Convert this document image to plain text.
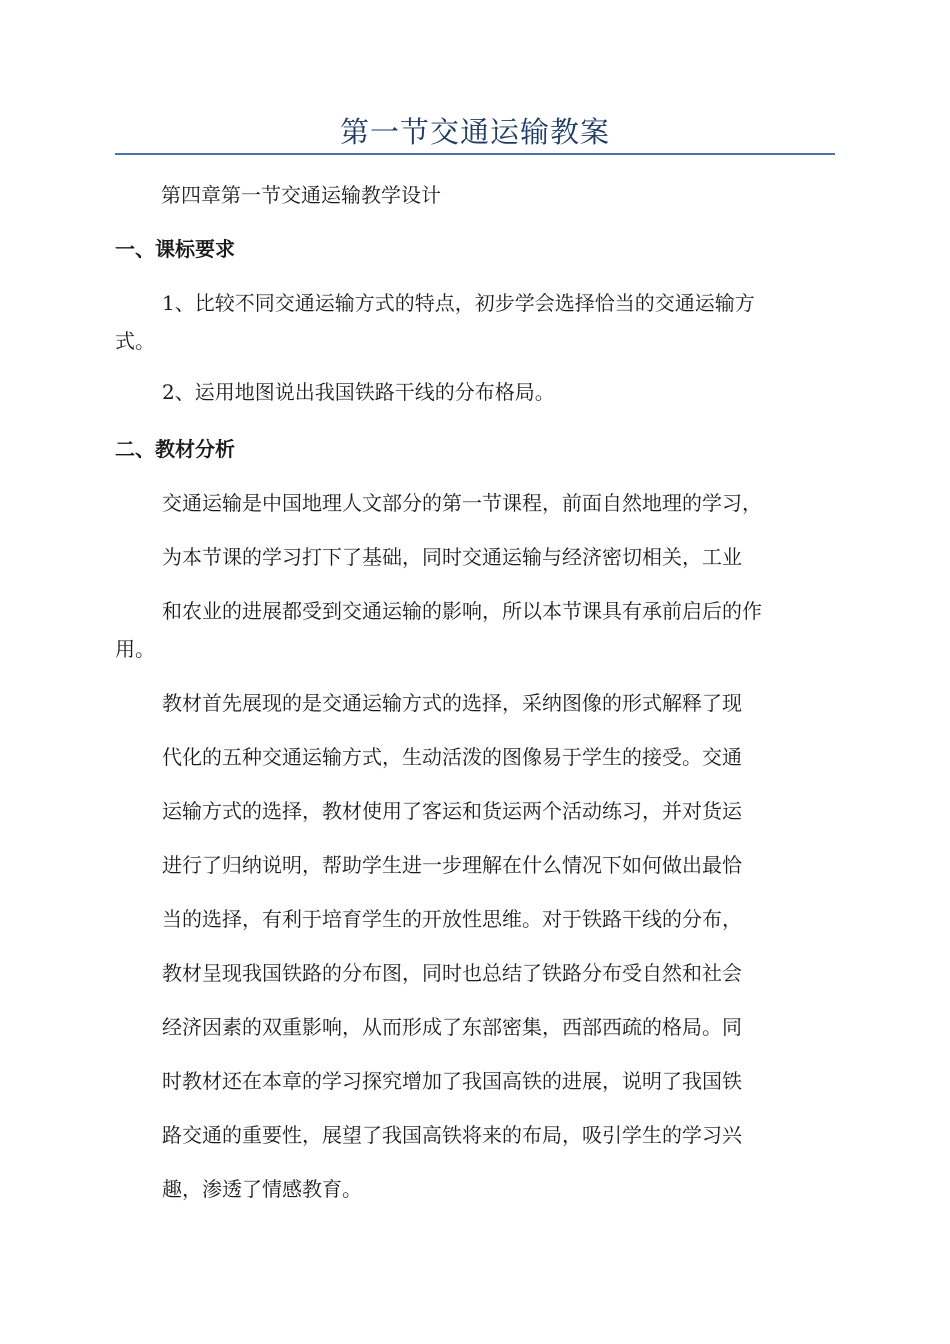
第一节交通运输教案

第四章第一节交通运输教学设计

一、课标要求

1、比较不同交通运输方式的特点，初步学会选择恰当的交通运输方

式。

2、运用地图说出我国铁路干线的分布格局。

二、教材分析

交通运输是中国地理人文部分的第一节课程，前面自然地理的学习，
为本节课的学习打下了基础，同时交通运输与经济密切相关，工业
和农业的进展都受到交通运输的影响，所以本节课具有承前启后的作
用。
教材首先展现的是交通运输方式的选择，采纳图像的形式解释了现
代化的五种交通运输方式，生动活泼的图像易于学生的接受。交通
运输方式的选择，教材使用了客运和货运两个活动练习，并对货运
进行了归纳说明，帮助学生进一步理解在什么情况下如何做出最恰
当的选择，有利于培育学生的开放性思维。对于铁路干线的分布，
教材呈现我国铁路的分布图，同时也总结了铁路分布受自然和社会
经济因素的双重影响，从而形成了东部密集，西部西疏的格局。同
时教材还在本章的学习探究增加了我国高铁的进展，说明了我国铁
路交通的重要性，展望了我国高铁将来的布局，吸引学生的学习兴
趣，渗透了情感教育。
